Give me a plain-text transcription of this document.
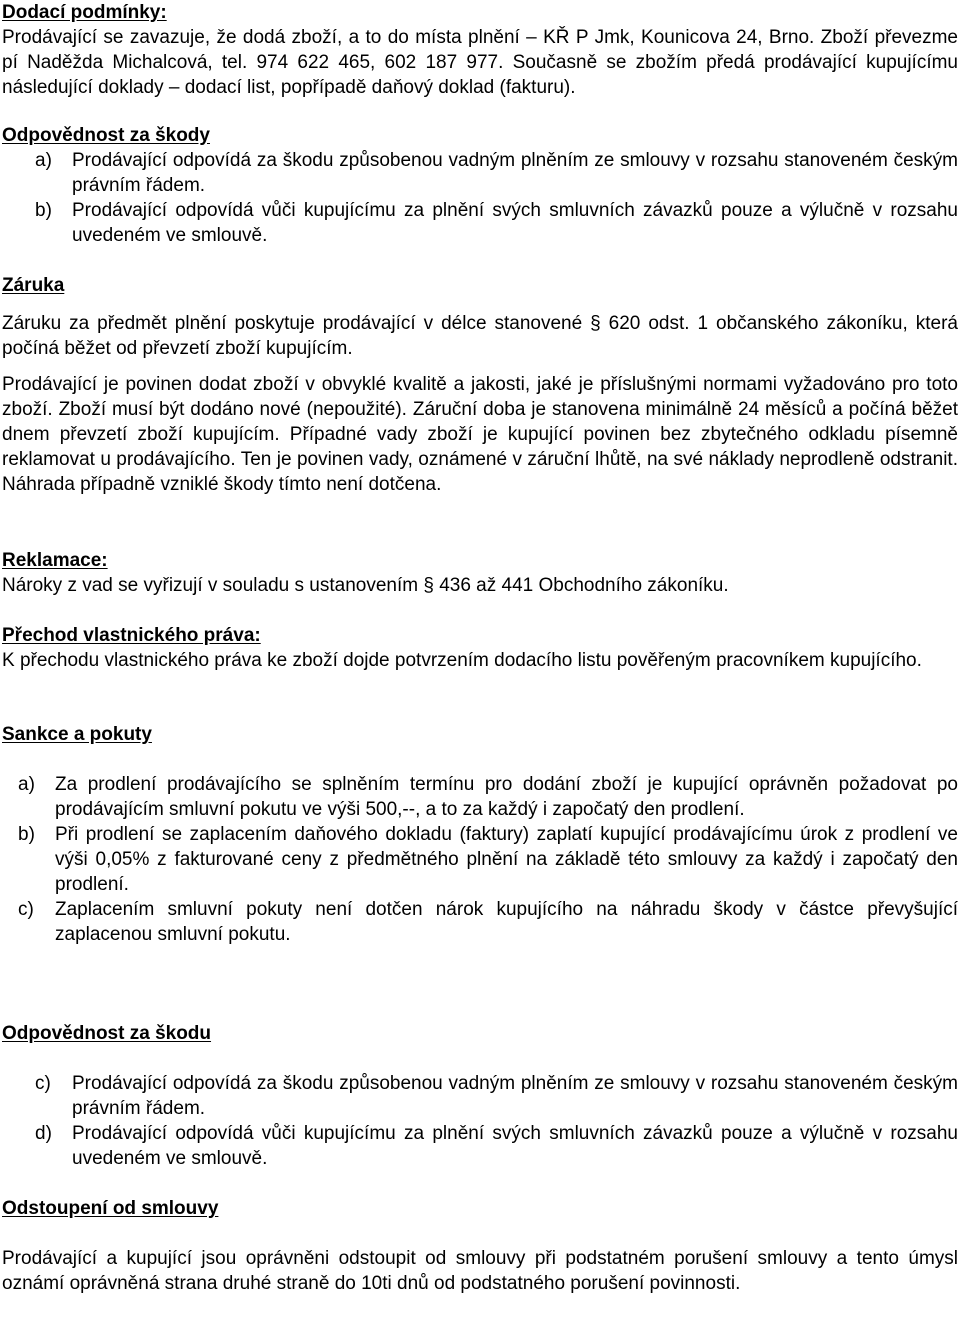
Dodací podmínky:

Prodávající se zavazuje, že dodá zboží, a to do místa plnění – KŘ P Jmk, Kounicova 24, Brno. Zboží převezme pí Naděžda Michalcová, tel. 974 622 465, 602 187 977. Současně se zbožím předá prodávající kupujícímu následující doklady – dodací list, popřípadě daňový doklad (fakturu).

Odpovědnost za škody
a) Prodávající odpovídá za škodu způsobenou vadným plněním ze smlouvy v rozsahu stanoveném českým právním řádem.
b) Prodávající odpovídá vůči kupujícímu za plnění svých smluvních závazků pouze a výlučně v rozsahu uvedeném ve smlouvě.
Záruka

Záruku za předmět plnění poskytuje prodávající v délce stanovené § 620 odst. 1 občanského zákoníku, která počíná běžet od převzetí zboží kupujícím.

Prodávající je povinen dodat zboží v obvyklé kvalitě a jakosti, jaké je příslušnými normami vyžadováno pro toto zboží. Zboží musí být dodáno nové (nepoužité). Záruční doba je stanovena minimálně 24 měsíců a počíná běžet dnem převzetí zboží kupujícím. Případné vady zboží je kupující povinen bez zbytečného odkladu písemně reklamovat u prodávajícího. Ten je povinen vady, oznámené v záruční lhůtě, na své náklady neprodleně odstranit. Náhrada případně vzniklé škody tímto není dotčena.

Reklamace:

Nároky z vad se vyřizují v souladu s ustanovením § 436 až 441 Obchodního zákoníku.

Přechod vlastnického práva:

K přechodu vlastnického práva ke zboží dojde potvrzením dodacího listu pověřeným pracovníkem kupujícího.

Sankce a pokuty
a) Za prodlení prodávajícího se splněním termínu pro dodání zboží je kupující oprávněn požadovat po prodávajícím smluvní pokutu ve výši 500,--, a to za každý i započatý den prodlení.
b) Při prodlení se zaplacením daňového dokladu (faktury) zaplatí kupující prodávajícímu úrok z prodlení ve výši 0,05% z fakturované ceny z předmětného plnění na základě této smlouvy za každý i započatý den prodlení.
c) Zaplacením smluvní pokuty není dotčen nárok kupujícího na náhradu škody v částce převyšující zaplacenou smluvní pokutu.
Odpovědnost za škodu
c) Prodávající odpovídá za škodu způsobenou vadným plněním ze smlouvy v rozsahu stanoveném českým právním řádem.
d) Prodávající odpovídá vůči kupujícímu za plnění svých smluvních závazků pouze a výlučně v rozsahu uvedeném ve smlouvě.
Odstoupení od smlouvy

Prodávající a kupující jsou oprávněni odstoupit od smlouvy při podstatném porušení smlouvy a tento úmysl oznámí oprávněná strana druhé straně do 10ti dnů od podstatného porušení povinnosti.
